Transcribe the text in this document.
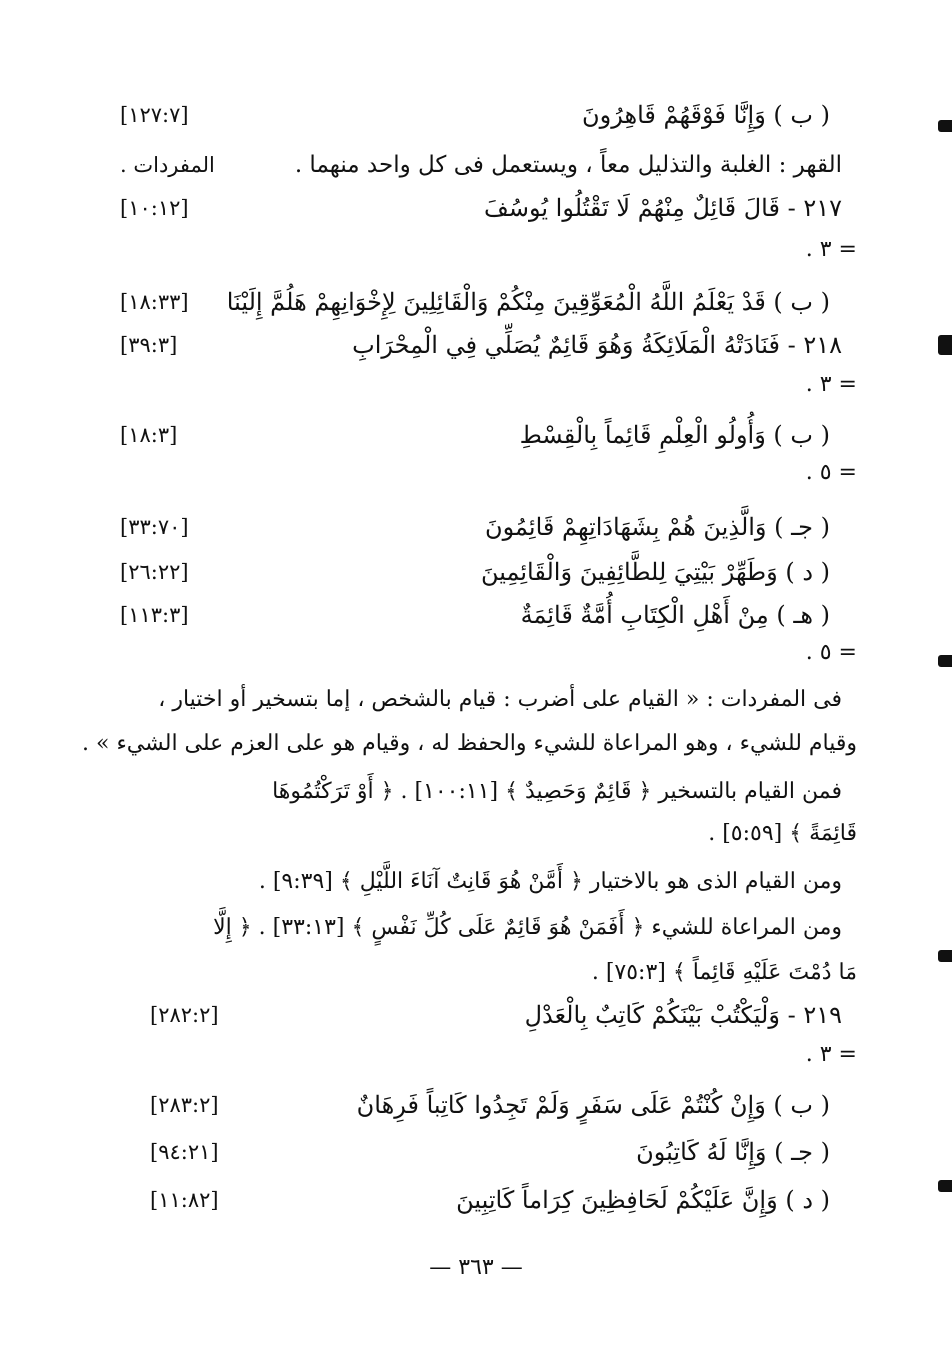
( ب ) وَإِنَّا فَوْقَهُمْ قَاهِرُونَ
[١٢٧:٧]
القهر : الغلبة والتذليل معاً ، ويستعمل فى كل واحد منهما .
المفردات .
٢١٧ - قَالَ قَائِلٌ مِنْهُمْ لَا تَقْتُلُوا يُوسُفَ
[١٠:١٢]
= ٣ .
( ب ) قَدْ يَعْلَمُ اللَّهُ الْمُعَوِّقِينَ مِنْكُمْ وَالْقَائِلِينَ لِإِخْوَانِهِمْ هَلُمَّ إِلَيْنَا
[١٨:٣٣]
٢١٨ - فَنَادَتْهُ الْمَلَائِكَةُ وَهُوَ قَائِمٌ يُصَلِّي فِي الْمِحْرَابِ
[٣٩:٣]
= ٣ .
( ب ) وَأُولُو الْعِلْمِ قَائِماً بِالْقِسْطِ
[١٨:٣]
= ٥ .
( جـ ) وَالَّذِينَ هُمْ بِشَهَادَاتِهِمْ قَائِمُونَ
[٣٣:٧٠]
( د ) وَطَهِّرْ بَيْتِيَ لِلطَّائِفِينَ وَالْقَائِمِينَ
[٢٦:٢٢]
( هـ ) مِنْ أَهْلِ الْكِتَابِ أُمَّةٌ قَائِمَةٌ
[١١٣:٣]
= ٥ .
فى المفردات : « القيام على أضرب : قيام بالشخص ، إما بتسخير أو اختيار ،
وقيام للشيء ، وهو المراعاة للشيء والحفظ له ، وقيام هو على العزم على الشيء » .
فمن القيام بالتسخير ﴿ قَائِمٌ وَحَصِيدٌ ﴾ [١٠٠:١١] . ﴿ أَوْ تَرَكْتُمُوهَا
قَائِمَةً ﴾ [٥:٥٩] .
ومن القيام الذى هو بالاختيار ﴿ أَمَّنْ هُوَ قَانِتٌ آنَاءَ اللَّيْلِ ﴾ [٩:٣٩] .
ومن المراعاة للشيء ﴿ أَفَمَنْ هُوَ قَائِمٌ عَلَى كُلِّ نَفْسٍ ﴾ [٣٣:١٣] . ﴿ إِلَّا
مَا دُمْتَ عَلَيْهِ قَائِماً ﴾ [٧٥:٣] .
٢١٩ - وَلْيَكْتُبْ بَيْنَكُمْ كَاتِبٌ بِالْعَدْلِ
[٢٨٢:٢]
= ٣ .
( ب ) وَإِنْ كُنْتُمْ عَلَى سَفَرٍ وَلَمْ تَجِدُوا كَاتِباً فَرِهَانٌ
[٢٨٣:٢]
( جـ ) وَإِنَّا لَهُ كَاتِبُونَ
[٩٤:٢١]
( د ) وَإِنَّ عَلَيْكُمْ لَحَافِظِينَ كِرَاماً كَاتِبِينَ
[١١:٨٢]
— ٣٦٣ —
